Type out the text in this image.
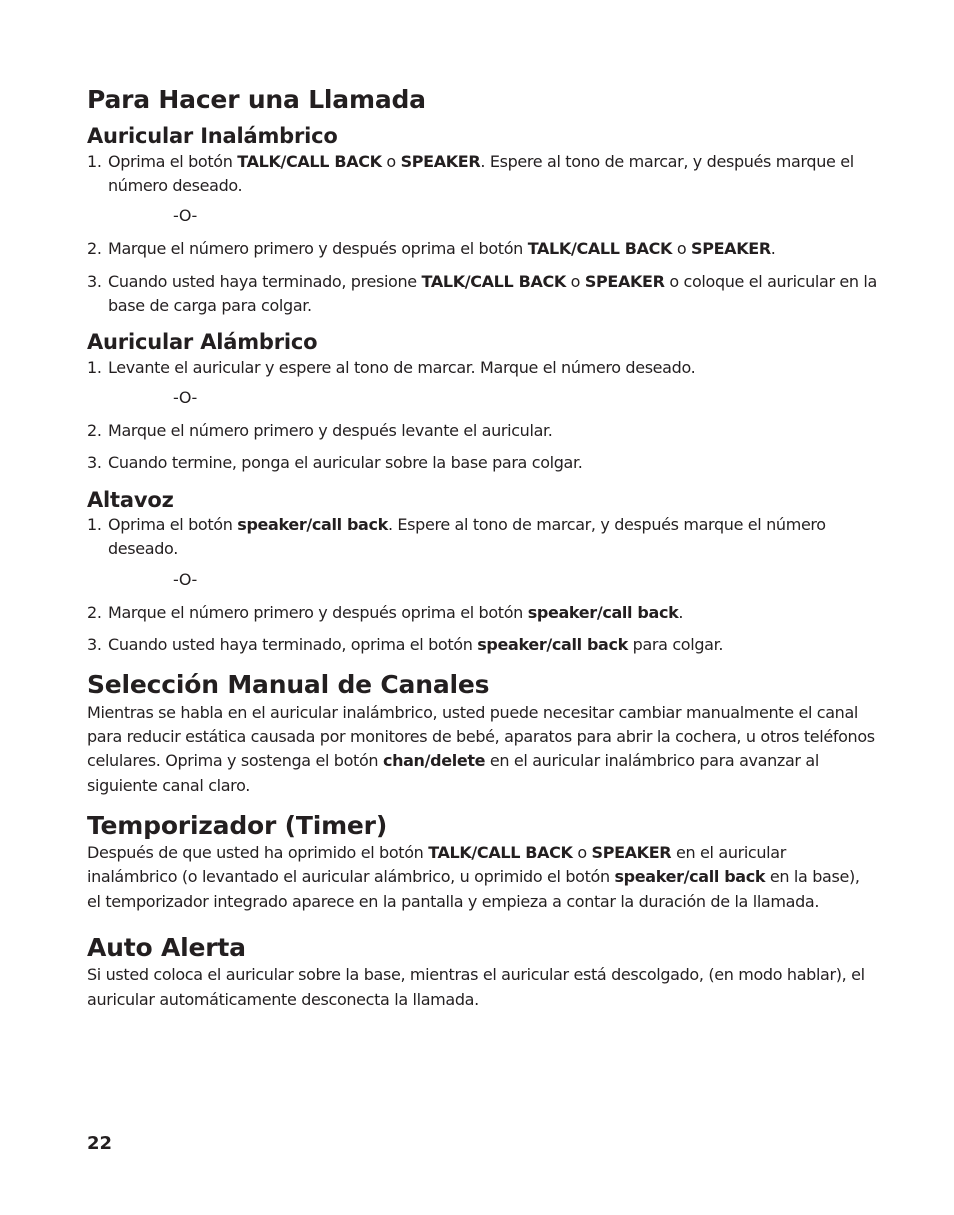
Para Hacer una Llamada
Auricular Inalámbrico
1. Oprima el botón TALK/CALL BACK o SPEAKER. Espere al tono de marcar, y después marque el número deseado.
-O-
2. Marque el número primero y después oprima el botón TALK/CALL BACK o SPEAKER.
3. Cuando usted haya terminado, presione TALK/CALL BACK o SPEAKER o coloque el auricular en la base de carga para colgar.
Auricular Alámbrico
1. Levante el auricular y espere al tono de marcar. Marque el número deseado.
-O-
2. Marque el número primero y después levante el auricular.
3. Cuando termine, ponga el auricular sobre la base para colgar.
Altavoz
1. Oprima el botón speaker/call back. Espere al tono de marcar, y después marque el número deseado.
-O-
2. Marque el número primero y después oprima el botón speaker/call back.
3. Cuando usted haya terminado, oprima el botón speaker/call back para colgar.
Selección Manual de Canales

Mientras se habla en el auricular inalámbrico, usted puede necesitar cambiar manualmente el canal para reducir estática causada por monitores de bebé, aparatos para abrir la cochera, u otros teléfonos celulares. Oprima y sostenga el botón chan/delete en el auricular inalámbrico para avanzar al siguiente canal claro.

Temporizador (Timer)

Después de que usted ha oprimido el botón TALK/CALL BACK o SPEAKER en el auricular inalámbrico (o levantado el auricular alámbrico, u oprimido el botón speaker/call back en la base), el temporizador integrado aparece en la pantalla y empieza a contar la duración de la llamada.

Auto Alerta

Si usted coloca el auricular sobre la base, mientras el auricular está descolgado, (en modo hablar), el auricular automáticamente desconecta la llamada.

22
